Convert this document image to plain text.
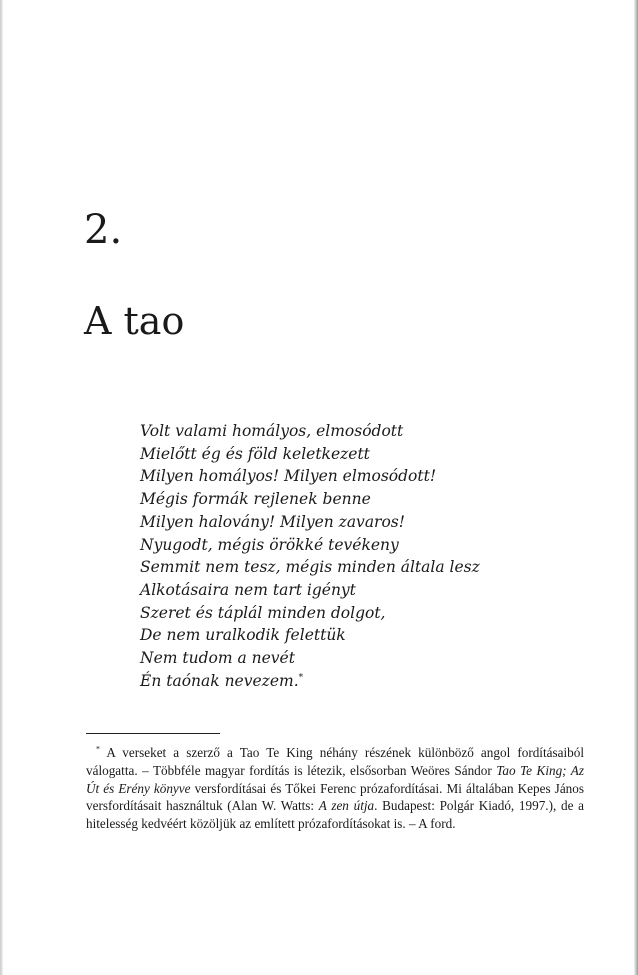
2.
A tao
Volt valami homályos, elmosódott
Mielőtt ég és föld keletkezett
Milyen homályos! Milyen elmosódott!
Mégis formák rejlenek benne
Milyen halovány! Milyen zavaros!
Nyugodt, mégis örökké tevékeny
Semmit nem tesz, mégis minden általa lesz
Alkotásaira nem tart igényt
Szeret és táplál minden dolgot,
De nem uralkodik felettük
Nem tudom a nevét
Én taónak nevezem.*

* A verseket a szerző a Tao Te King néhány részének különböző angol fordításaiból válogatta. – Többféle magyar fordítás is létezik, elsősorban Weöres Sándor Tao Te King; Az Út és Erény könyve versfordításai és Tőkei Ferenc prózafordításai. Mi általában Kepes János versfordításait használtuk (Alan W. Watts: A zen útja. Budapest: Polgár Kiadó, 1997.), de a hitelesség kedvéért közöljük az említett prózafordításokat is. – A ford.
